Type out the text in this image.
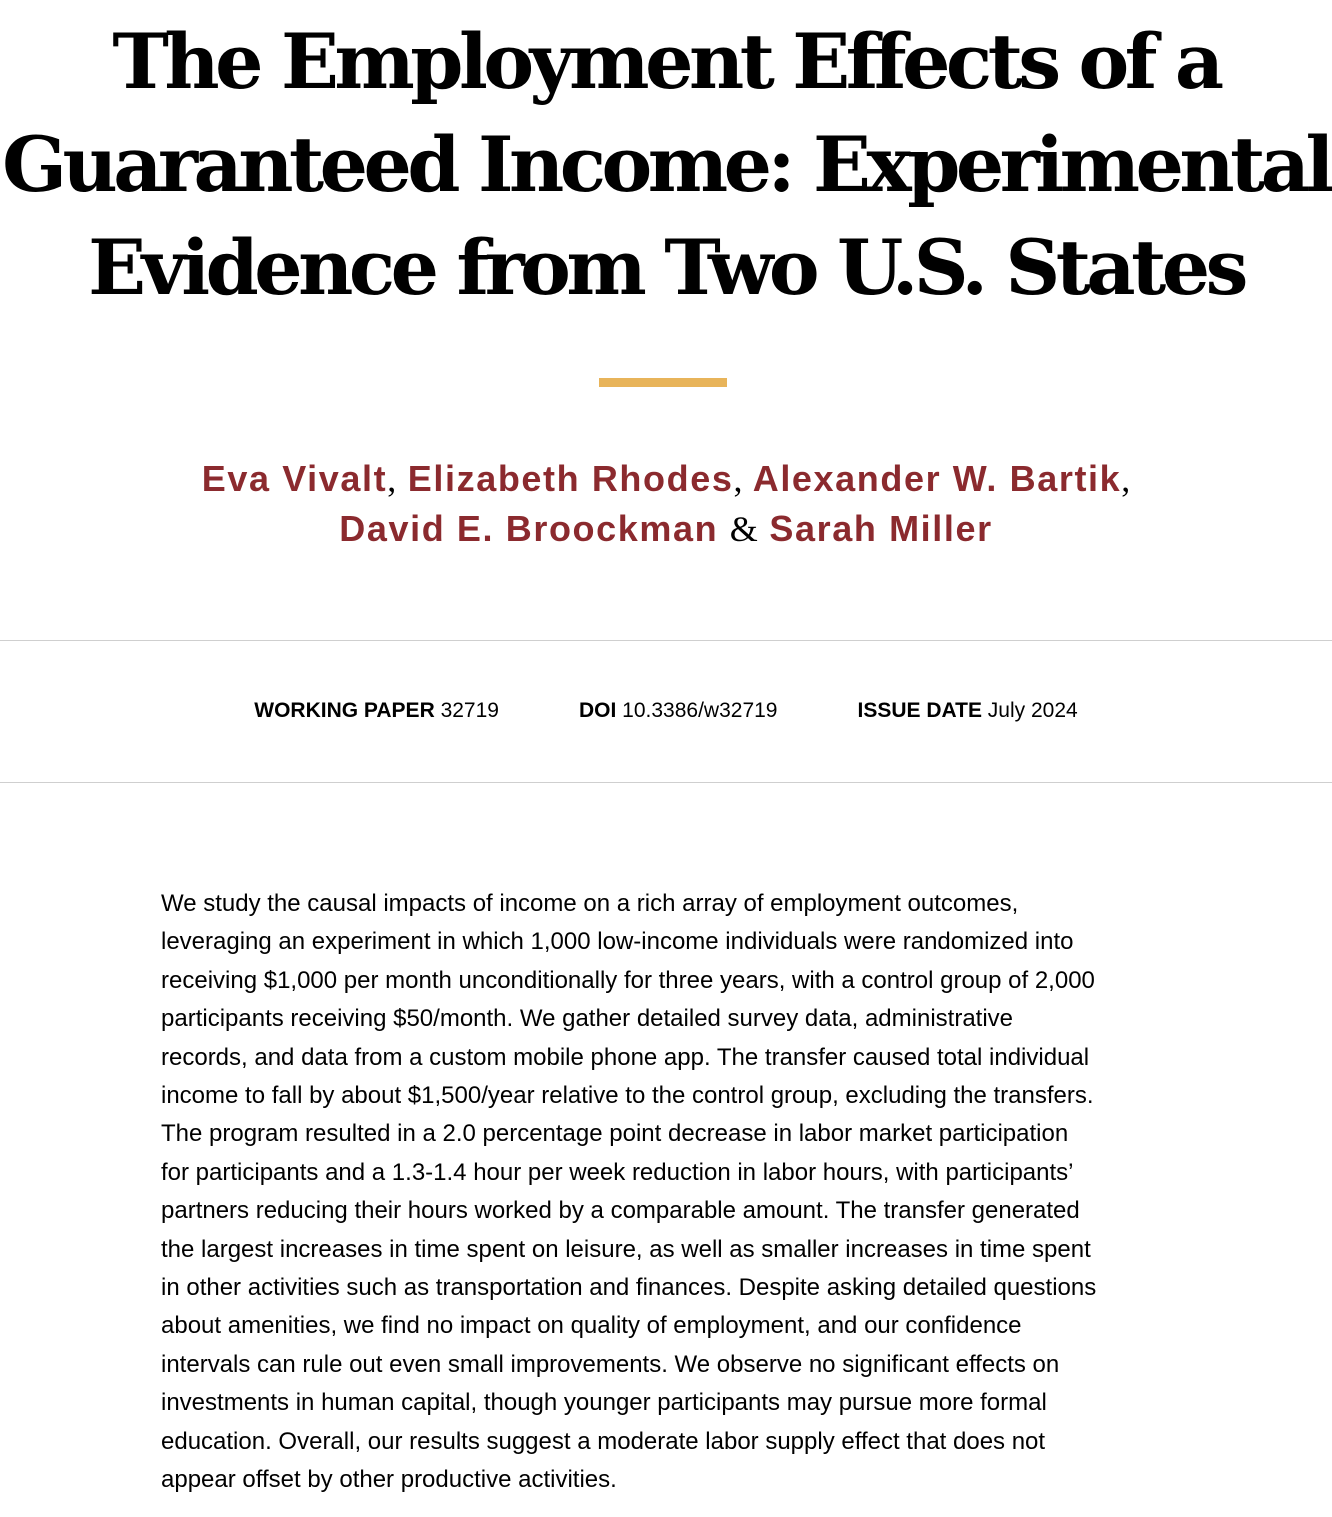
The Employment Effects of a
Guaranteed Income: Experimental
Evidence from Two U.S. States
Eva Vivalt, Elizabeth Rhodes, Alexander W. Bartik,
David E. Broockman & Sarah Miller
WORKING PAPER 32719	DOI 10.3386/w32719	ISSUE DATE July 2024

We study the causal impacts of income on a rich array of employment outcomes,
leveraging an experiment in which 1,000 low-income individuals were randomized into
receiving $1,000 per month unconditionally for three years, with a control group of 2,000
participants receiving $50/month. We gather detailed survey data, administrative
records, and data from a custom mobile phone app. The transfer caused total individual
income to fall by about $1,500/year relative to the control group, excluding the transfers.
The program resulted in a 2.0 percentage point decrease in labor market participation
for participants and a 1.3-1.4 hour per week reduction in labor hours, with participants’
partners reducing their hours worked by a comparable amount. The transfer generated
the largest increases in time spent on leisure, as well as smaller increases in time spent
in other activities such as transportation and finances. Despite asking detailed questions
about amenities, we find no impact on quality of employment, and our confidence
intervals can rule out even small improvements. We observe no significant effects on
investments in human capital, though younger participants may pursue more formal
education. Overall, our results suggest a moderate labor supply effect that does not
appear offset by other productive activities.
